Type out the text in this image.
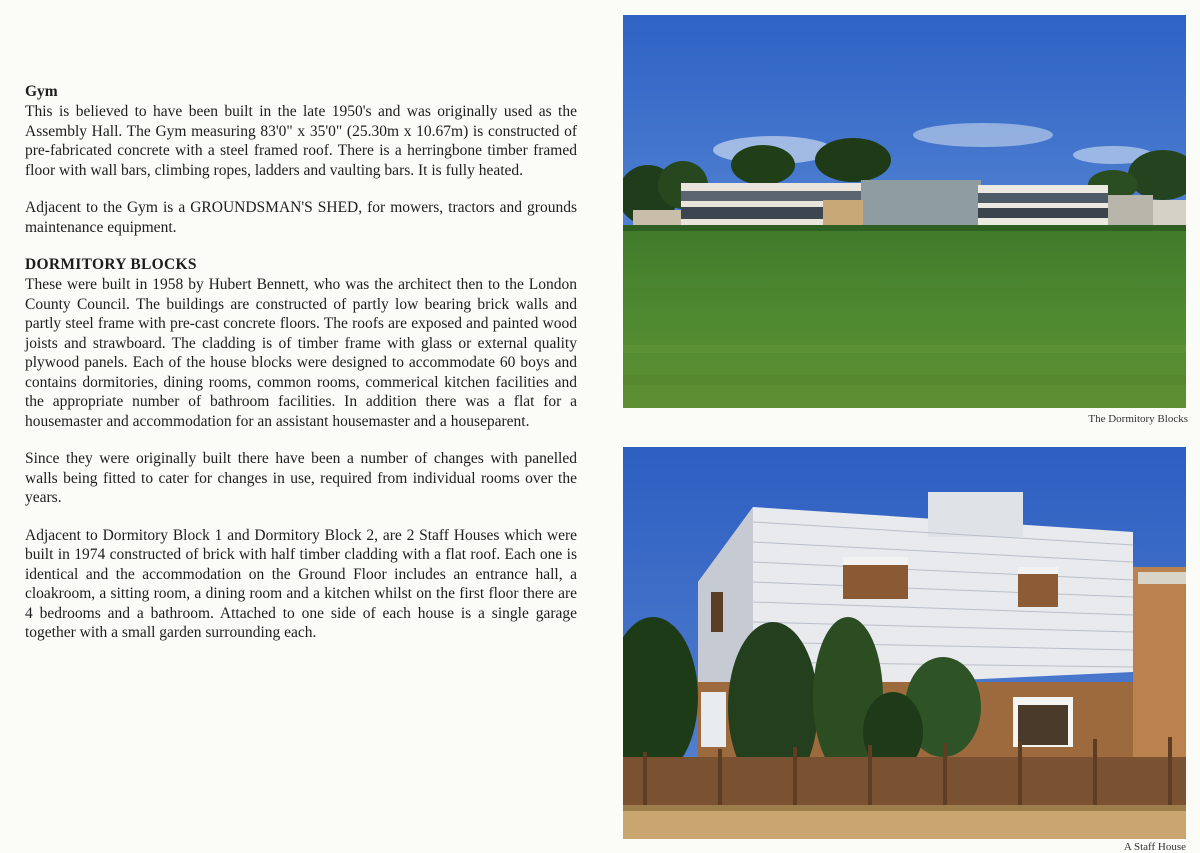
Gym

This is believed to have been built in the late 1950's and was originally used as the Assembly Hall. The Gym measuring 83'0" x 35'0" (25.30m x 10.67m) is constructed of pre-fabricated concrete with a steel framed roof. There is a herringbone timber framed floor with wall bars, climbing ropes, ladders and vaulting bars. It is fully heated.

Adjacent to the Gym is a GROUNDSMAN'S SHED, for mowers, tractors and grounds maintenance equipment.

DORMITORY BLOCKS

These were built in 1958 by Hubert Bennett, who was the architect then to the London County Council. The buildings are constructed of partly low bearing brick walls and partly steel frame with pre-cast concrete floors. The roofs are exposed and painted wood joists and strawboard. The cladding is of timber frame with glass or external quality plywood panels. Each of the house blocks were designed to accommodate 60 boys and contains dormitories, dining rooms, common rooms, commerical kitchen facilities and the appropriate number of bathroom facilities. In addition there was a flat for a housemaster and accommodation for an assistant housemaster and a houseparent.

Since they were originally built there have been a number of changes with panelled walls being fitted to cater for changes in use, required from individual rooms over the years.

Adjacent to Dormitory Block 1 and Dormitory Block 2, are 2 Staff Houses which were built in 1974 constructed of brick with half timber cladding with a flat roof. Each one is identical and the accommodation on the Ground Floor includes an entrance hall, a cloakroom, a sitting room, a dining room and a kitchen whilst on the first floor there are 4 bedrooms and a bathroom. Attached to one side of each house is a single garage together with a small garden surrounding each.

The Dormitory Blocks
A Staff House
